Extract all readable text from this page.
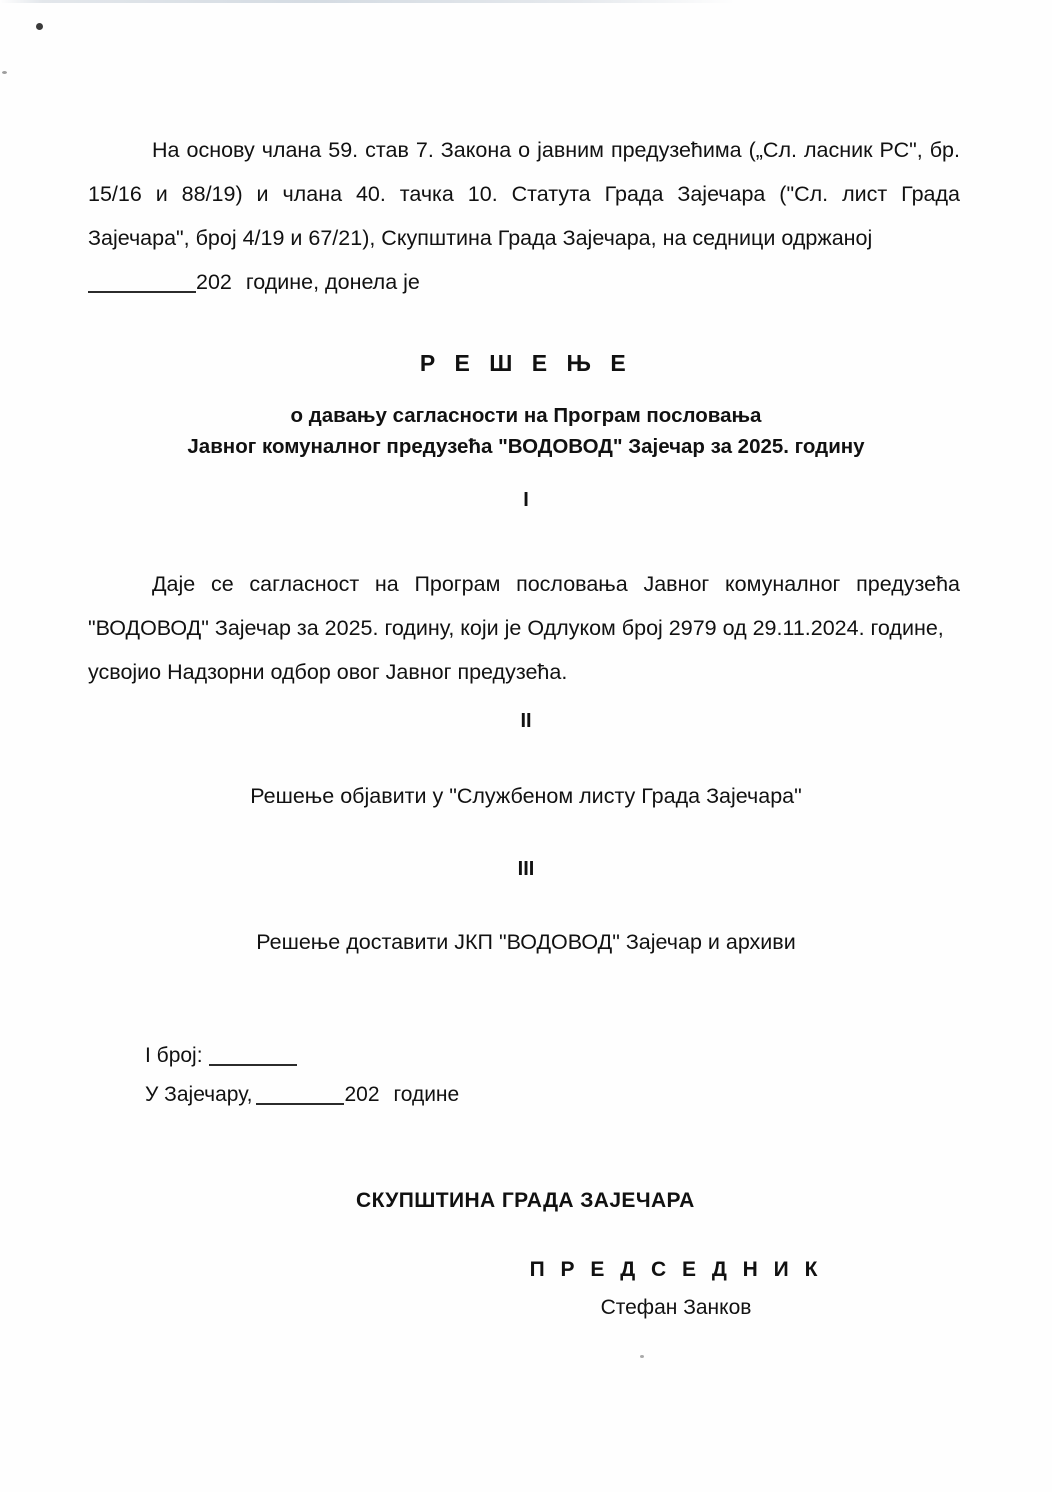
На основу члана 59. став 7. Закона о јавним предузећима („Сл. ласник РС", бр. 15/16 и 88/19) и члана 40. тачка 10. Статута Града Зајечара ("Сл. лист Града Зајечара", број 4/19 и 67/21), Скупштина Града Зајечара, на седници одржаној
202 године, донела је
Р Е Ш Е Њ Е
о давању сагласности на Програм пословања
Јавног комуналног предузећа "ВОДОВОД" Зајечар за 2025. годину
I
Даје се сагласност на Програм пословања Јавног комуналног предузећа "ВОДОВОД" Зајечар за 2025. годину, који је Одлуком број 2979 од 29.11.2024. године,
усвојио Надзорни одбор овог Јавног предузећа.
II
Решење објавити у "Службеном листу Града Зајечара"
III
Решење доставити ЈКП "ВОДОВОД" Зајечар и архиви
I број:
У Зајечару,	202 године
СКУПШТИНА ГРАДА ЗАЈЕЧАРА
П Р Е Д С Е Д Н И К
Стефан Занков
